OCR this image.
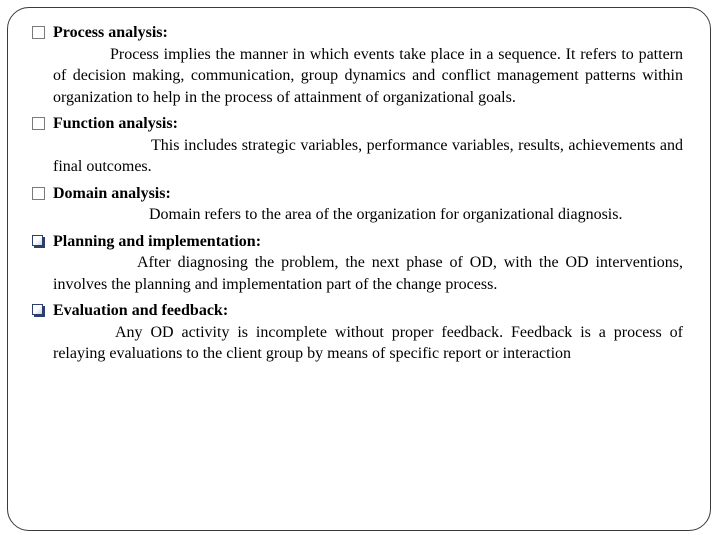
Process analysis:
Process implies the manner in which events take place in a sequence. It refers to pattern of decision making, communication, group dynamics and conflict management patterns within organization to help in the process of attainment of organizational goals.
Function analysis:
This includes strategic variables, performance variables, results, achievements and final outcomes.
Domain analysis:
Domain refers to the area of the organization for organizational diagnosis.
Planning and implementation:
After diagnosing the problem, the next phase of OD, with the OD interventions, involves the planning and implementation part of the change process.
Evaluation and feedback:
Any OD activity is incomplete without proper feedback. Feedback is a process of relaying evaluations to the client group by means of specific report or interaction
